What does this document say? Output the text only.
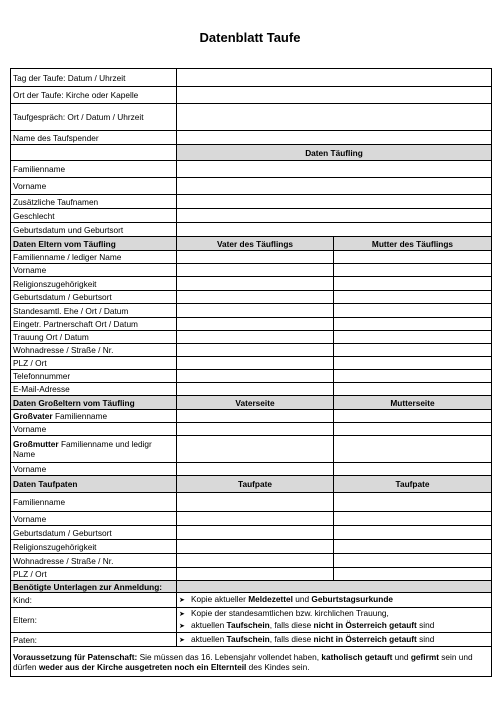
Datenblatt Taufe
Tag der Taufe: Datum / Uhrzeit		
Ort der Taufe: Kirche oder Kapelle		
Taufgespräch: Ort / Datum / Uhrzeit		
Name des Taufspender		
	Daten Täufling	
Familienname		
Vorname		
Zusätzliche Taufnamen		
Geschlecht		
Geburtsdatum und Geburtsort		
Daten Eltern vom Täufling	Vater des Täuflings	Mutter des Täuflings
Familienname / lediger Name		
Vorname		
Religionszugehörigkeit		
Geburtsdatum / Geburtsort		
Standesamtl. Ehe / Ort / Datum		
Eingetr. Partnerschaft Ort / Datum		
Trauung Ort / Datum		
Wohnadresse / Straße / Nr.		
PLZ / Ort		
Telefonnummer		
E-Mail-Adresse		
Daten Großeltern vom Täufling	Vaterseite	Mutterseite
Großvater Familienname		
Vorname		
Großmutter Familienname und ledigr Name		
Vorname		
Daten Taufpaten	Taufpate	Taufpate
Familienname		
Vorname		
Geburtsdatum / Geburtsort		
Religionszugehörigkeit		
Wohnadresse / Straße / Nr.		
PLZ / Ort		
Benötigte Unterlagen zur Anmeldung:		
Kind:	➤ Kopie aktueller Meldezettel und Geburtstagsurkunde	
Eltern:	➤ Kopie der standesamtlichen bzw. kirchlichen Trauung,
➤ aktuellen Taufschein, falls diese nicht in Österreich getauft sind	

Paten:	➤ aktuellen Taufschein, falls diese nicht in Österreich getauft sind	
Voraussetzung für Patenschaft: Sie müssen das 16. Lebensjahr vollendet haben, katholisch getauft und gefirmt sein und dürfen weder aus der Kirche ausgetreten noch ein Elternteil des Kindes sein.		
